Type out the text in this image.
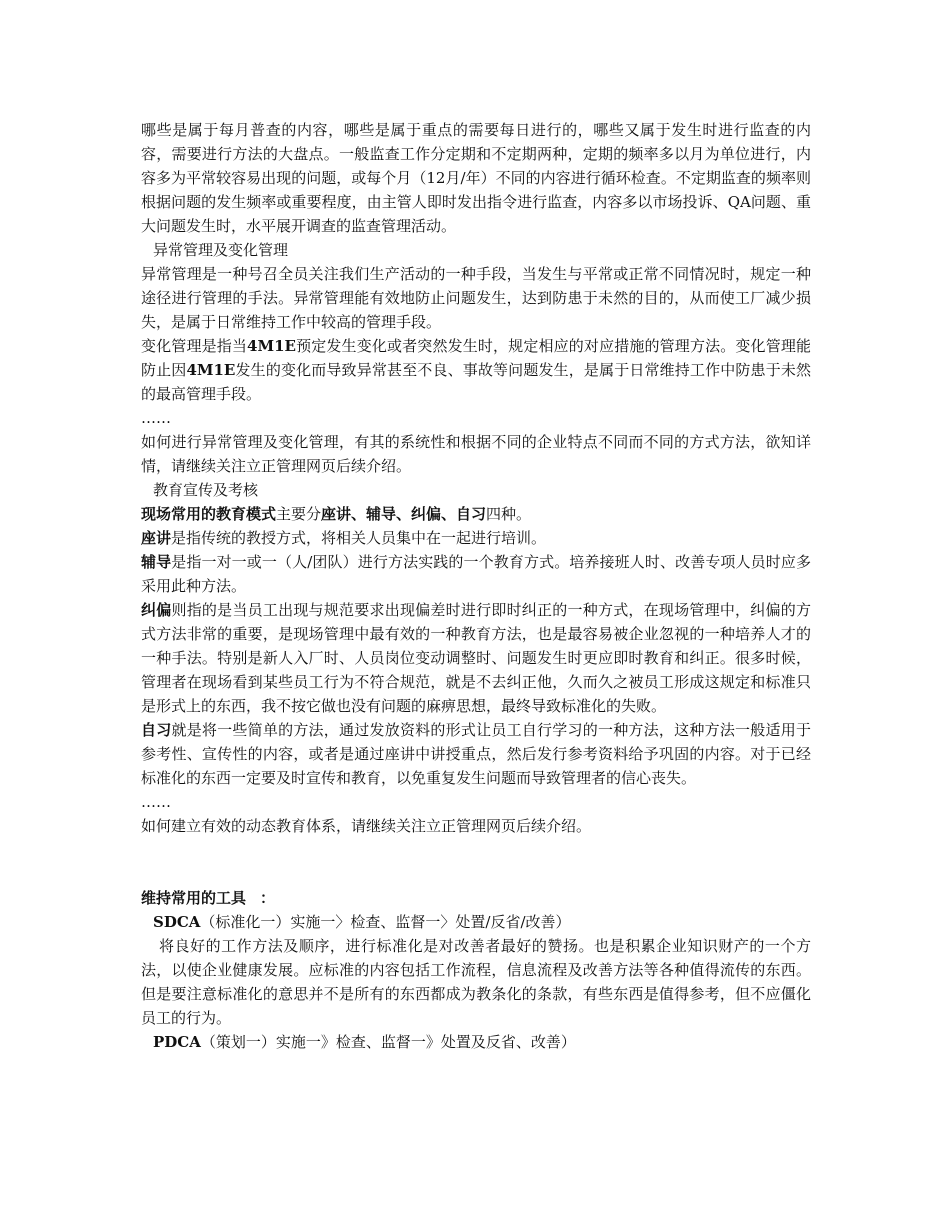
哪些是属于每月普查的内容，哪些是属于重点的需要每日进行的，哪些又属于发生时进行监查的内容，需要进行方法的大盘点。一般监查工作分定期和不定期两种，定期的频率多以月为单位进行，内容多为平常较容易出现的问题，或每个月（12月/年）不同的内容进行循环检查。不定期监查的频率则根据问题的发生频率或重要程度，由主管人即时发出指令进行监查，内容多以市场投诉、QA问题、重大问题发生时，水平展开调查的监查管理活动。

异常管理及变化管理

异常管理是一种号召全员关注我们生产活动的一种手段，当发生与平常或正常不同情况时，规定一种途径进行管理的手法。异常管理能有效地防止问题发生，达到防患于未然的目的，从而使工厂减少损失，是属于日常维持工作中较高的管理手段。

变化管理是指当4M1E预定发生变化或者突然发生时，规定相应的对应措施的管理方法。变化管理能防止因4M1E发生的变化而导致异常甚至不良、事故等问题发生，是属于日常维持工作中防患于未然的最高管理手段。

……

如何进行异常管理及变化管理，有其的系统性和根据不同的企业特点不同而不同的方式方法，欲知详情，请继续关注立正管理网页后续介绍。

教育宣传及考核

现场常用的教育模式主要分座讲、辅导、纠偏、自习四种。

座讲是指传统的教授方式，将相关人员集中在一起进行培训。

辅导是指一对一或一（人/团队）进行方法实践的一个教育方式。培养接班人时、改善专项人员时应多采用此种方法。

纠偏则指的是当员工出现与规范要求出现偏差时进行即时纠正的一种方式，在现场管理中，纠偏的方式方法非常的重要，是现场管理中最有效的一种教育方法，也是最容易被企业忽视的一种培养人才的一种手法。特别是新人入厂时、人员岗位变动调整时、问题发生时更应即时教育和纠正。很多时候，管理者在现场看到某些员工行为不符合规范，就是不去纠正他，久而久之被员工形成这规定和标准只是形式上的东西，我不按它做也没有问题的麻痹思想，最终导致标准化的失败。

自习就是将一些简单的方法，通过发放资料的形式让员工自行学习的一种方法，这种方法一般适用于参考性、宣传性的内容，或者是通过座讲中讲授重点，然后发行参考资料给予巩固的内容。对于已经标准化的东西一定要及时宣传和教育，以免重复发生问题而导致管理者的信心丧失。

……

如何建立有效的动态教育体系，请继续关注立正管理网页后续介绍。

维持常用的工具 ：

SDCA（标准化一）实施一〉检查、监督一〉处置/反省/改善）

将良好的工作方法及顺序，进行标准化是对改善者最好的赞扬。也是积累企业知识财产的一个方法，以使企业健康发展。应标准的内容包括工作流程，信息流程及改善方法等各种值得流传的东西。但是要注意标准化的意思并不是所有的东西都成为教条化的条款，有些东西是值得参考，但不应僵化员工的行为。

PDCA（策划一）实施一》检查、监督一》处置及反省、改善）
